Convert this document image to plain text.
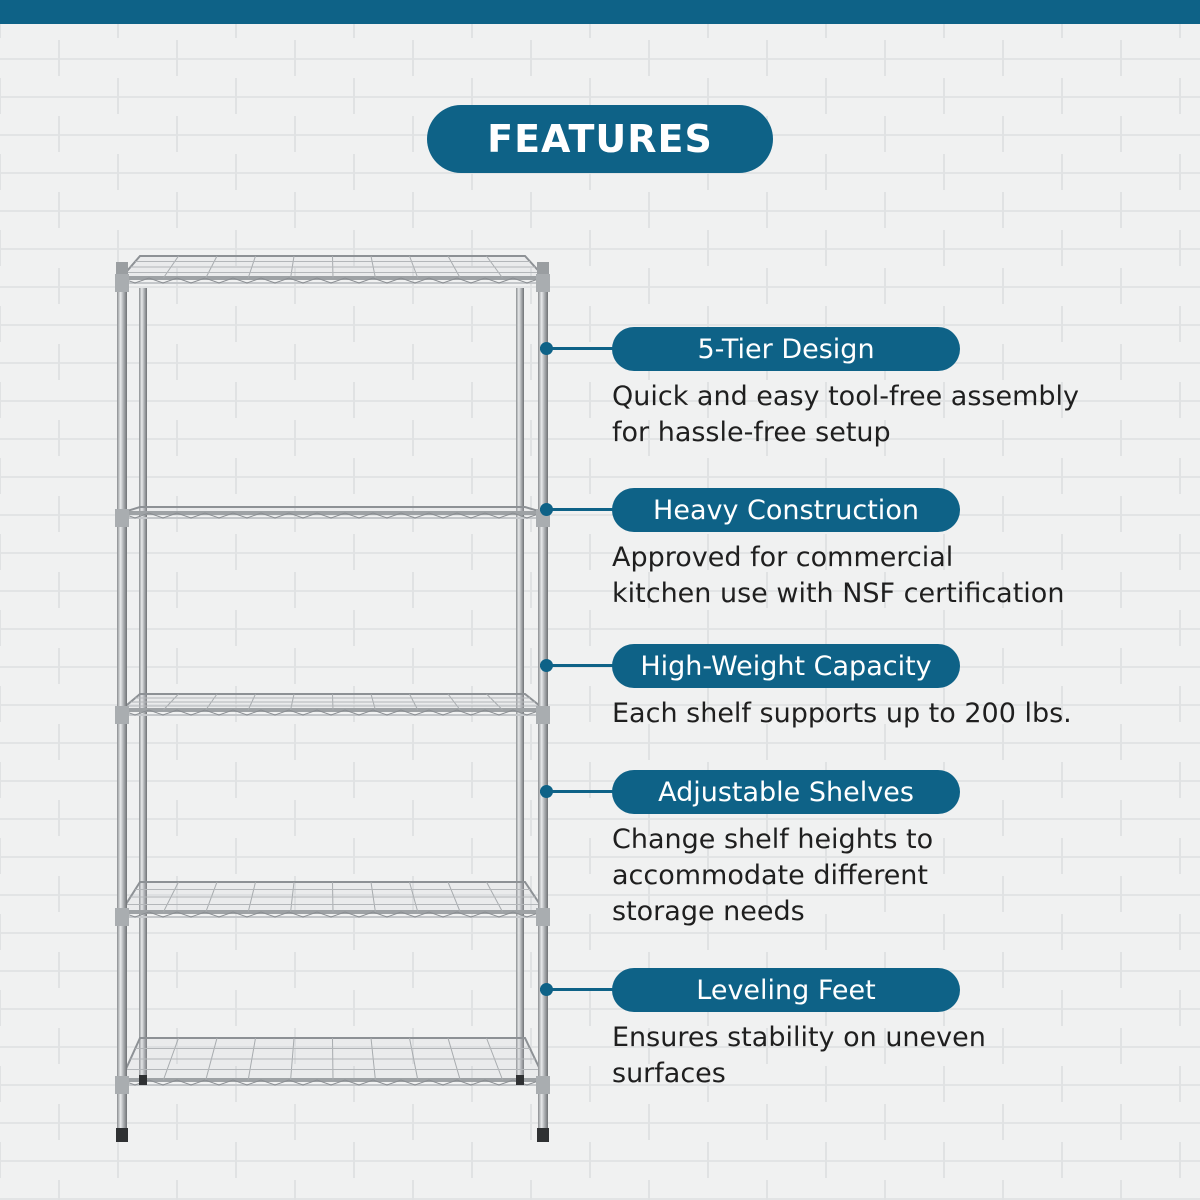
FEATURES
5-Tier Design
Quick and easy tool-free assembly
for hassle-free setup
Heavy Construction
Approved for commercial
kitchen use with NSF certification
High-Weight Capacity
Each shelf supports up to 200 lbs.
Adjustable Shelves
Change shelf heights to
accommodate different
storage needs
Leveling Feet
Ensures stability on uneven
surfaces
